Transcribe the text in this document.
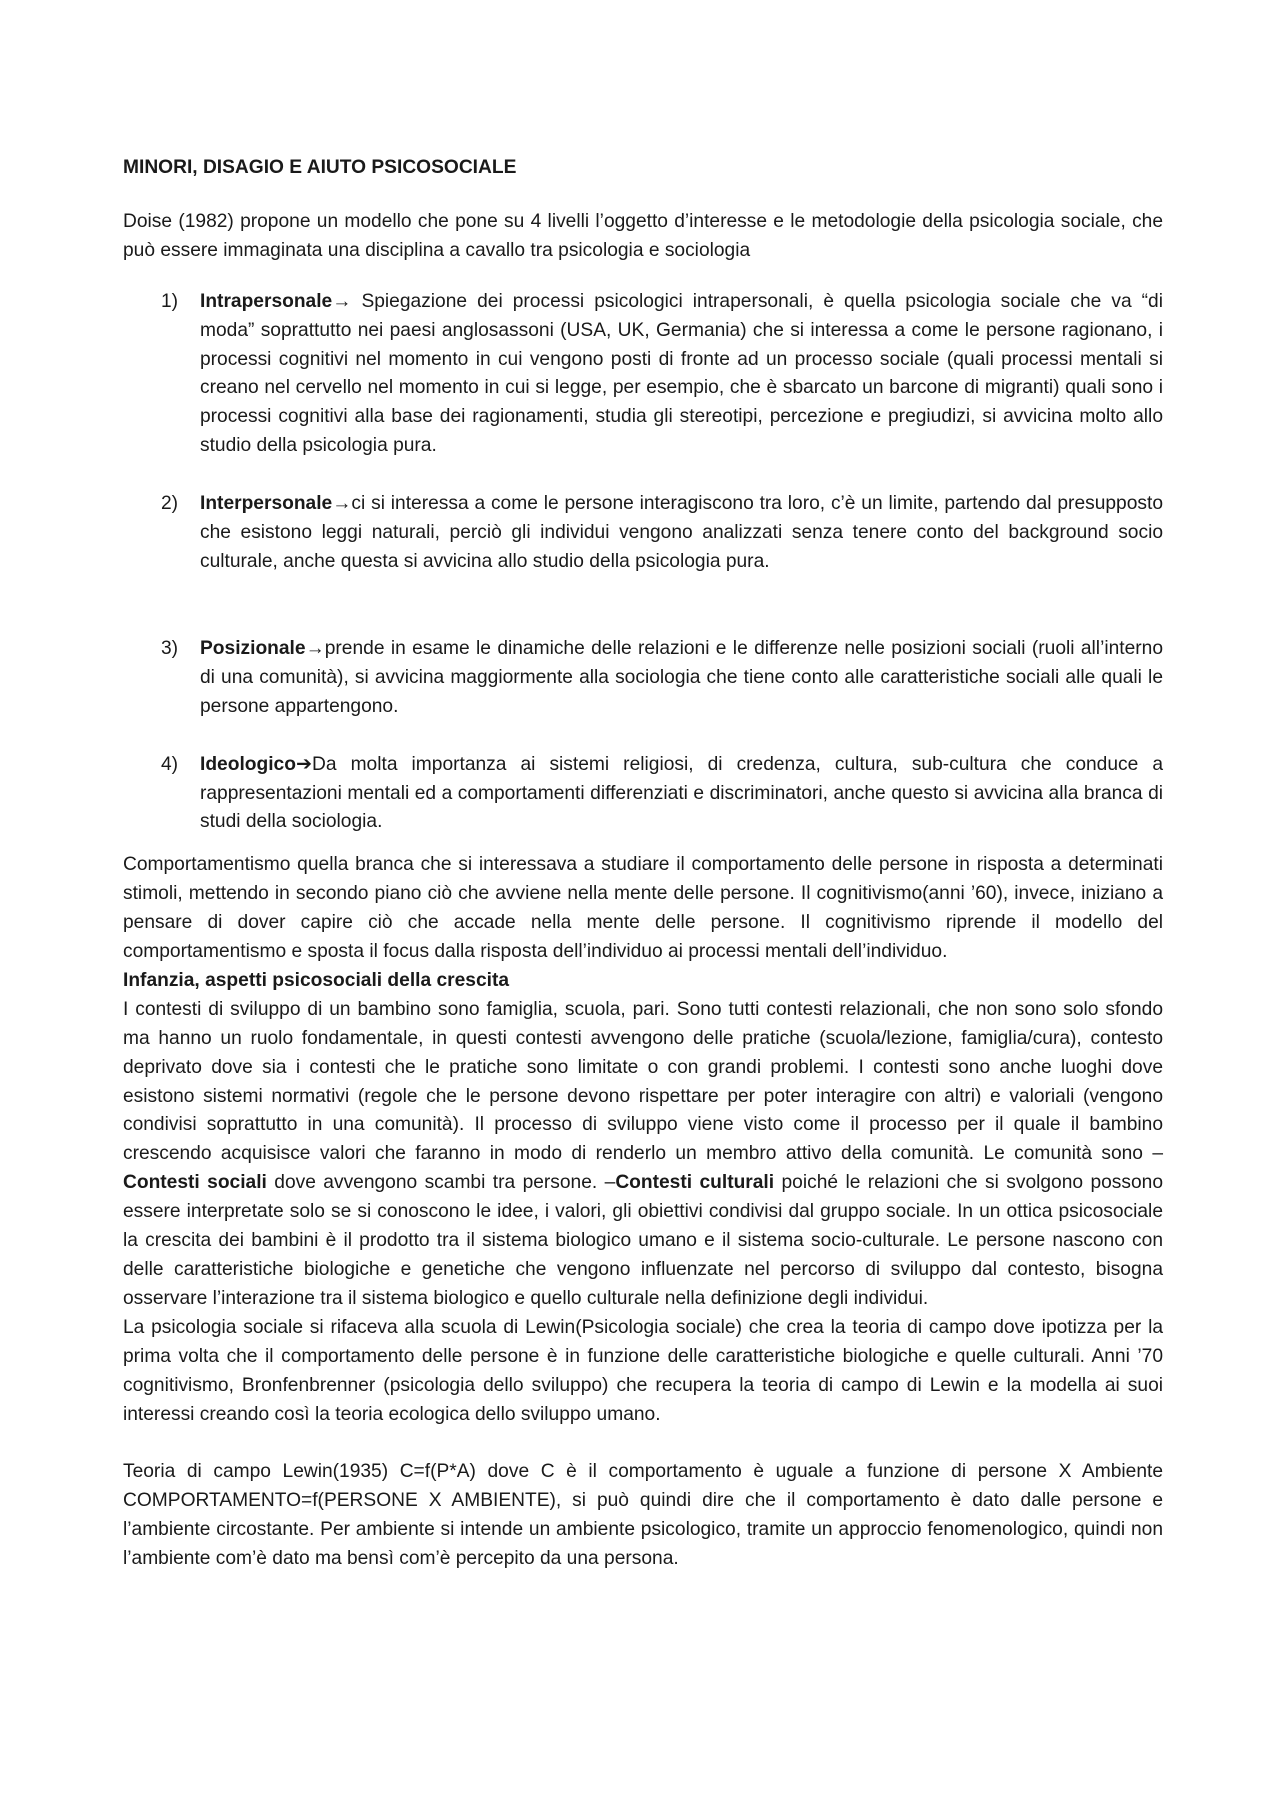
MINORI, DISAGIO E AIUTO PSICOSOCIALE

Doise (1982) propone un modello che pone su 4 livelli l’oggetto d’interesse e le metodologie della psicologia sociale, che può essere immaginata una disciplina a cavallo tra psicologia e sociologia

1) Intrapersonale→ Spiegazione dei processi psicologici intrapersonali, è quella psicologia sociale che va “di moda” soprattutto nei paesi anglosassoni (USA, UK, Germania) che si interessa a come le persone ragionano, i processi cognitivi nel momento in cui vengono posti di fronte ad un processo sociale (quali processi mentali si creano nel cervello nel momento in cui si legge, per esempio, che è sbarcato un barcone di migranti) quali sono i processi cognitivi alla base dei ragionamenti, studia gli stereotipi, percezione e pregiudizi, si avvicina molto allo studio della psicologia pura.
2) Interpersonale→ci si interessa a come le persone interagiscono tra loro, c’è un limite, partendo dal presupposto che esistono leggi naturali, perciò gli individui vengono analizzati senza tenere conto del background socio culturale, anche questa si avvicina allo studio della psicologia pura.
3) Posizionale→prende in esame le dinamiche delle relazioni e le differenze nelle posizioni sociali (ruoli all’interno di una comunità), si avvicina maggiormente alla sociologia che tiene conto alle caratteristiche sociali alle quali le persone appartengono.
4) Ideologico➔Da molta importanza ai sistemi religiosi, di credenza, cultura, sub-cultura che conduce a rappresentazioni mentali ed a comportamenti differenziati e discriminatori, anche questo si avvicina alla branca di studi della sociologia.

Comportamentismo quella branca che si interessava a studiare il comportamento delle persone in risposta a determinati stimoli, mettendo in secondo piano ciò che avviene nella mente delle persone. Il cognitivismo(anni ’60), invece, iniziano a pensare di dover capire ciò che accade nella mente delle persone. Il cognitivismo riprende il modello del comportamentismo e sposta il focus dalla risposta dell’individuo ai processi mentali dell’individuo.

Infanzia, aspetti psicosociali della crescita

I contesti di sviluppo di un bambino sono famiglia, scuola, pari. Sono tutti contesti relazionali, che non sono solo sfondo ma hanno un ruolo fondamentale, in questi contesti avvengono delle pratiche (scuola/lezione, famiglia/cura), contesto deprivato dove sia i contesti che le pratiche sono limitate o con grandi problemi. I contesti sono anche luoghi dove esistono sistemi normativi (regole che le persone devono rispettare per poter interagire con altri) e valoriali (vengono condivisi soprattutto in una comunità). Il processo di sviluppo viene visto come il processo per il quale il bambino crescendo acquisisce valori che faranno in modo di renderlo un membro attivo della comunità. Le comunità sono –Contesti sociali dove avvengono scambi tra persone. –Contesti culturali poiché le relazioni che si svolgono possono essere interpretate solo se si conoscono le idee, i valori, gli obiettivi condivisi dal gruppo sociale. In un ottica psicosociale la crescita dei bambini è il prodotto tra il sistema biologico umano e il sistema socio-culturale. Le persone nascono con delle caratteristiche biologiche e genetiche che vengono influenzate nel percorso di sviluppo dal contesto, bisogna osservare l’interazione tra il sistema biologico e quello culturale nella definizione degli individui.

La psicologia sociale si rifaceva alla scuola di Lewin(Psicologia sociale) che crea la teoria di campo dove ipotizza per la prima volta che il comportamento delle persone è in funzione delle caratteristiche biologiche e quelle culturali. Anni ’70 cognitivismo, Bronfenbrenner (psicologia dello sviluppo) che recupera la teoria di campo di Lewin e la modella ai suoi interessi creando così la teoria ecologica dello sviluppo umano.

Teoria di campo Lewin(1935) C=f(P*A) dove C è il comportamento è uguale a funzione di persone X Ambiente COMPORTAMENTO=f(PERSONE X AMBIENTE), si può quindi dire che il comportamento è dato dalle persone e l’ambiente circostante. Per ambiente si intende un ambiente psicologico, tramite un approccio fenomenologico, quindi non l’ambiente com’è dato ma bensì com’è percepito da una persona.
